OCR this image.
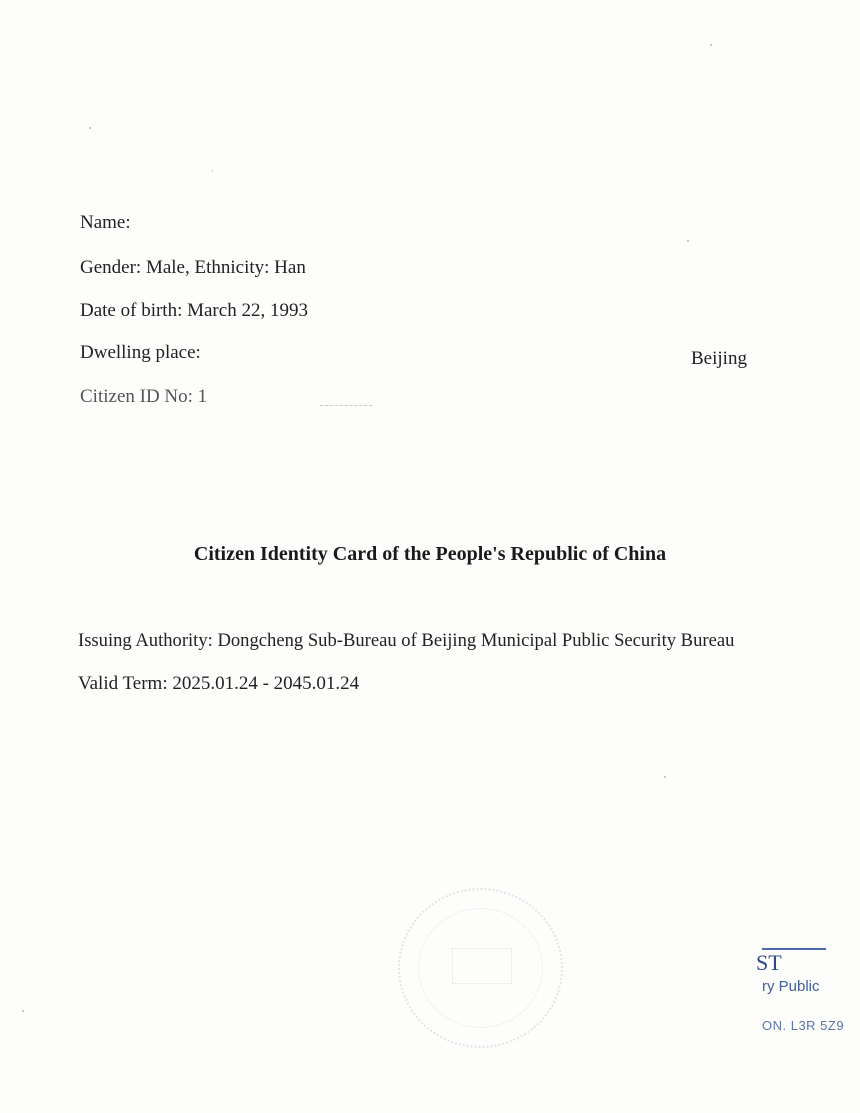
Name:
Gender: Male, Ethnicity: Han
Date of birth: March 22, 1993
Dwelling place:	Beijing
Citizen ID No: 1
Citizen Identity Card of the People's Republic of China
Issuing Authority: Dongcheng Sub-Bureau of Beijing Municipal Public Security Bureau
Valid Term: 2025.01.24 - 2045.01.24
ST
ry Public
ON. L3R 5Z9
